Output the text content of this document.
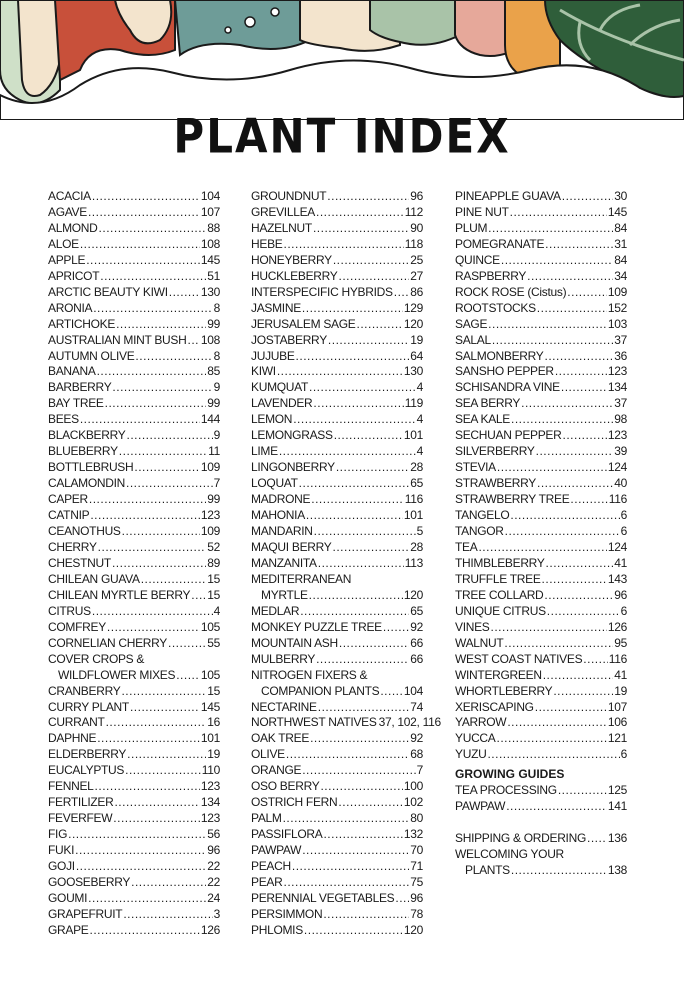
PLANT INDEX
ACACIA .....	104
AGAVE .....	107
ALMOND .....	88
ALOE .....	108
APPLE .....	145
APRICOT .....	51
ARCTIC BEAUTY KIWI .....	130
ARONIA .....	8
ARTICHOKE .....	99
AUSTRALIAN MINT BUSH ..... 108
AUTUMN OLIVE .....	8
BANANA .....	85
BARBERRY .....	9
BAY TREE .....	99
BEES .....	144
BLACKBERRY .....	9
BLUEBERRY .....	11
BOTTLEBRUSH .....	109
CALAMONDIN .....	7
CAPER .....	99
CATNIP .....	123
CEANOTHUS .....	109
CHERRY .....	52
CHESTNUT .....	89
CHILEAN GUAVA .....	15
CHILEAN MYRTLE BERRY ..... 15
CITRUS .....	4
COMFREY .....	105
CORNELIAN CHERRY .....	55
COVER CROPS &
WILDFLOWER MIXES ..... 105
CRANBERRY .....	15
CURRY PLANT .....	145
CURRANT .....	16
DAPHNE .....	101
ELDERBERRY .....	19
EUCALYPTUS .....	110
FENNEL .....	123
FERTILIZER .....	134
FEVERFEW .....	123
FIG .....	56
FUKI .....	96
GOJI .....	22
GOOSEBERRY .....	22
GOUMI .....	24
GRAPEFRUIT .....	3
GRAPE .....	126
GROUNDNUT .....	96
GREVILLEA .....	112
HAZELNUT .....	90
HEBE .....	118
HONEYBERRY .....	25
HUCKLEBERRY .....	27
INTERSPECIFIC HYBRIDS ..... 86
JASMINE .....	129
JERUSALEM SAGE .....	120
JOSTABERRY .....	19
JUJUBE .....	64
KIWI .....	130
KUMQUAT .....	4
LAVENDER .....	119
LEMON .....	4
LEMONGRASS .....	101
LIME .....	4
LINGONBERRY .....	28
LOQUAT .....	65
MADRONE .....	116
MAHONIA .....	101
MANDARIN .....	5
MAQUI BERRY .....	28
MANZANITA .....	113
MEDITERRANEAN
MYRTLE .....	120
MEDLAR .....	65
MONKEY PUZZLE TREE ..... 92
MOUNTAIN ASH .....	66
MULBERRY .....	66
NITROGEN FIXERS &
COMPANION PLANTS ..... 104
NECTARINE .....	74
NORTHWEST NATIVES 37, 102, 116
OAK TREE .....	92
OLIVE .....	68
ORANGE .....	7
OSO BERRY .....	100
OSTRICH FERN .....	102
PALM .....	80
PASSIFLORA .....	132
PAWPAW .....	70
PEACH .....	71
PEAR .....	75
PERENNIAL VEGETABLES ..... 96
PERSIMMON .....	78
PHLOMIS .....	120
PINEAPPLE GUAVA .....	30
PINE NUT .....	145
PLUM .....	84
POMEGRANATE .....	31
QUINCE .....	84
RASPBERRY .....	34
ROCK ROSE (Cistus) .....	109
ROOTSTOCKS .....	152
SAGE .....	103
SALAL .....	37
SALMONBERRY .....	36
SANSHO PEPPER .....	123
SCHISANDRA VINE .....	134
SEA BERRY .....	37
SEA KALE .....	98
SECHUAN PEPPER .....	123
SILVERBERRY .....	39
STEVIA .....	124
STRAWBERRY .....	40
STRAWBERRY TREE .....	116
TANGELO .....	6
TANGOR .....	6
TEA .....	124
THIMBLEBERRY .....	41
TRUFFLE TREE .....	143
TREE COLLARD .....	96
UNIQUE CITRUS .....	6
VINES .....	126
WALNUT .....	95
WEST COAST NATIVES ..... 116
WINTERGREEN .....	41
WHORTLEBERRY .....	19
XERISCAPING .....	107
YARROW .....	106
YUCCA .....	121
YUZU .....	6
GROWING GUIDES
TEA PROCESSING .....	125
PAWPAW .....	141
SHIPPING & ORDERING ..... 136
WELCOMING YOUR
PLANTS .....	138
